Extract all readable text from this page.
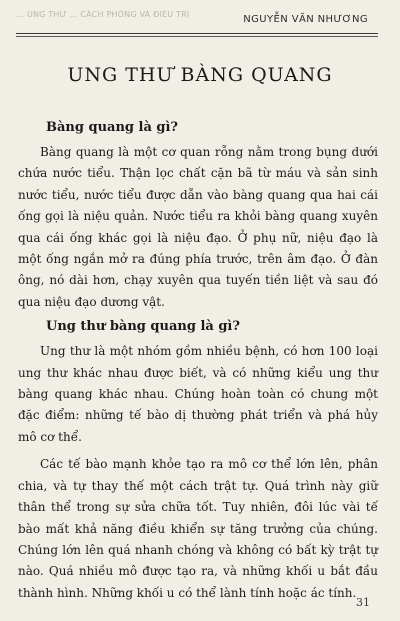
… UNG THƯ … CÁCH PHÒNG VÀ ĐIỀU TRỊ	NGUYỄN VĂN NHƯƠNG
UNG THƯ BÀNG QUANG
Bàng quang là gì?

Bàng quang là một cơ quan rỗng nằm trong bụng dưới chứa nước tiểu. Thận lọc chất cặn bã từ máu và sản sinh nước tiểu, nước tiểu được dẫn vào bàng quang qua hai cái ống gọi là niệu quản. Nước tiểu ra khỏi bàng quang xuyên qua cái ống khác gọi là niệu đạo. Ở phụ nữ, niệu đạo là một ống ngắn mở ra đúng phía trước, trên âm đạo. Ở đàn ông, nó dài hơn, chạy xuyên qua tuyến tiền liệt và sau đó qua niệu đạo dương vật.

Ung thư bàng quang là gì?

Ung thư là một nhóm gồm nhiều bệnh, có hơn 100 loại ung thư khác nhau được biết, và có những kiểu ung thư bàng quang khác nhau. Chúng hoàn toàn có chung một đặc điểm: những tế bào dị thường phát triển và phá hủy mô cơ thể.

Các tế bào mạnh khỏe tạo ra mô cơ thể lớn lên, phân chia, và tự thay thế một cách trật tự. Quá trình này giữ thân thể trong sự sửa chữa tốt. Tuy nhiên, đôi lúc vài tế bào mất khả năng điều khiển sự tăng trưởng của chúng. Chúng lớn lên quá nhanh chóng và không có bất kỳ trật tự nào. Quá nhiều mô được tạo ra, và những khối u bắt đầu thành hình. Những khối u có thể lành tính hoặc ác tính.

31
